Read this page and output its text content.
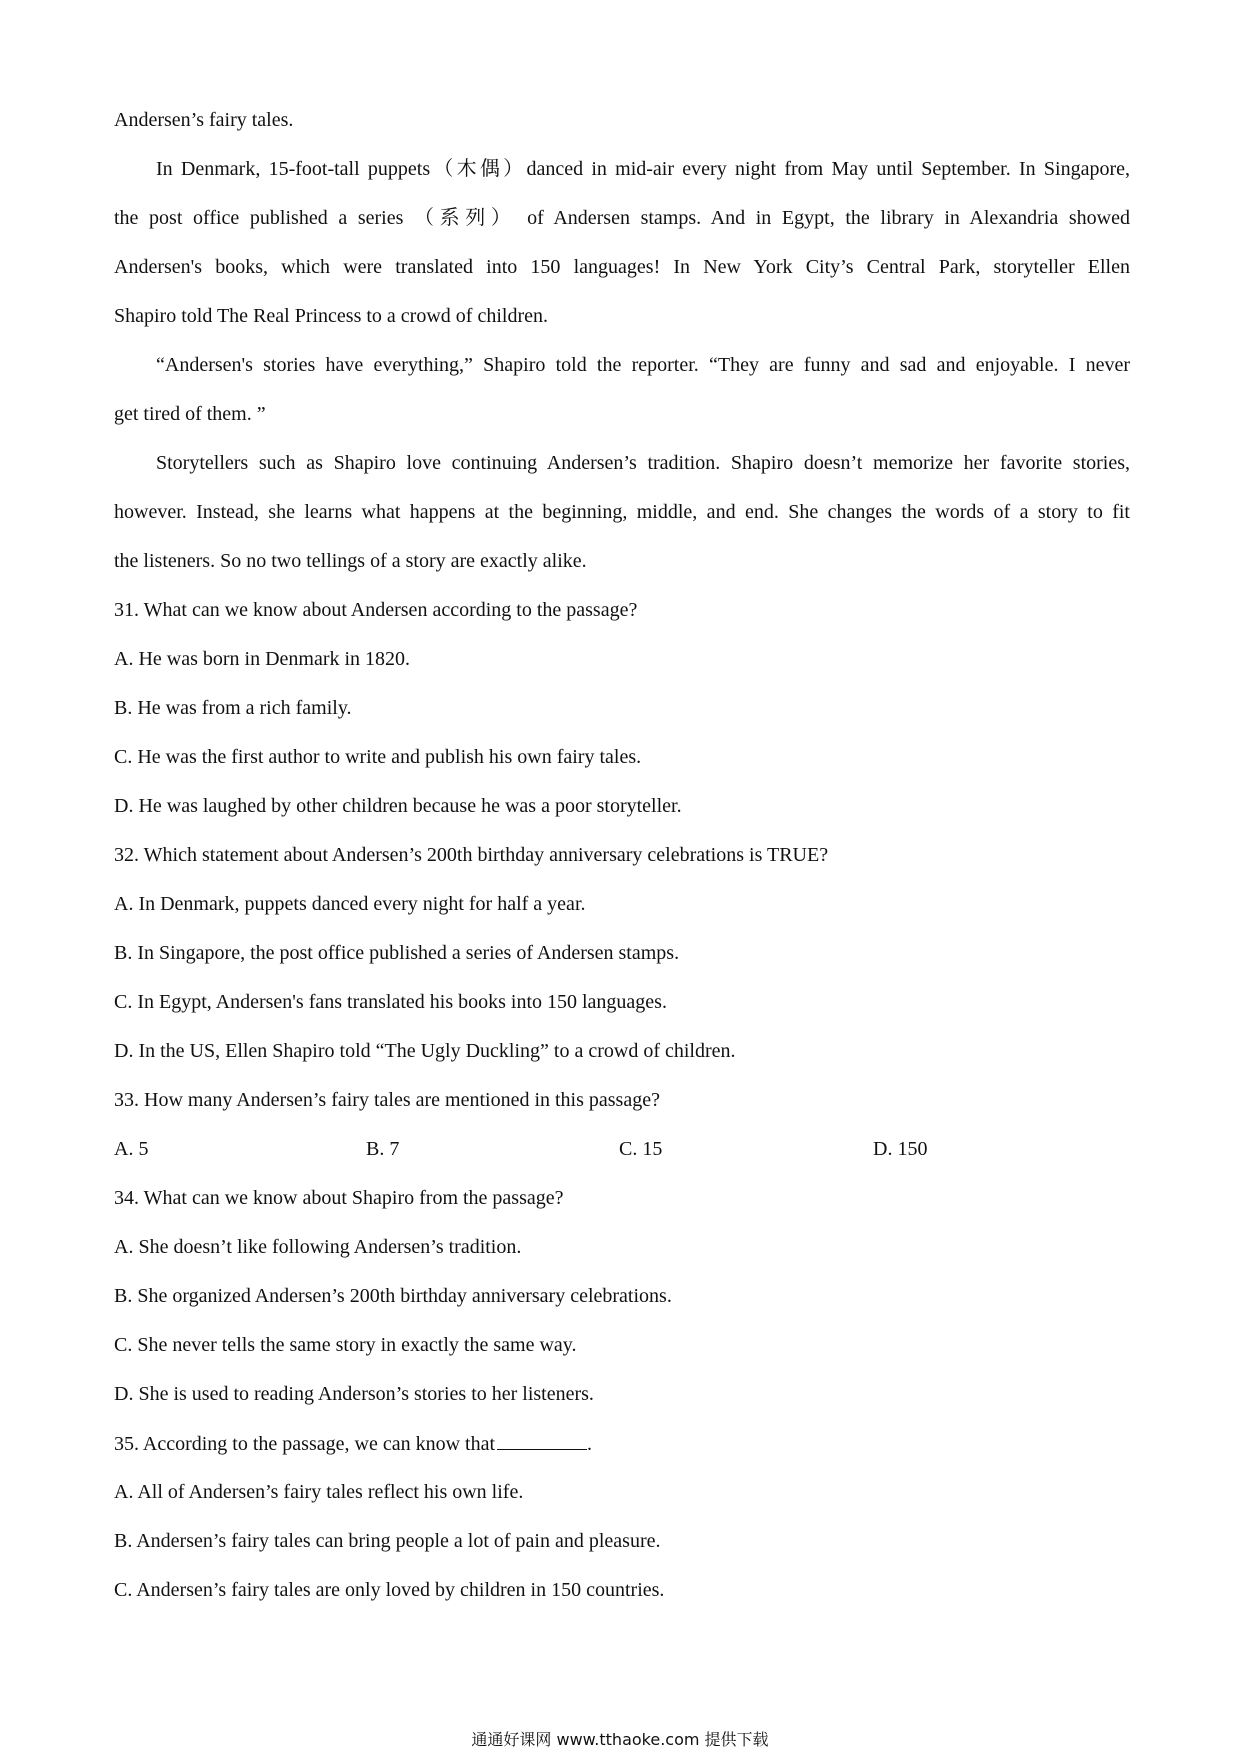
Andersen’s fairy tales.
In Denmark, 15-foot-tall puppets（木偶）danced in mid-air every night from May until September. In Singapore,
the post office published a series （系列） of Andersen stamps. And in Egypt, the library in Alexandria showed
Andersen's books, which were translated into 150 languages! In New York City’s Central Park, storyteller Ellen
Shapiro told The Real Princess to a crowd of children.
“Andersen's stories have everything,” Shapiro told the reporter. “They are funny and sad and enjoyable. I never
get tired of them. ”
Storytellers such as Shapiro love continuing Andersen’s tradition. Shapiro doesn’t memorize her favorite stories,
however. Instead, she learns what happens at the beginning, middle, and end. She changes the words of a story to fit
the listeners. So no two tellings of a story are exactly alike.
31. What can we know about Andersen according to the passage?
A. He was born in Denmark in 1820.
B. He was from a rich family.
C. He was the first author to write and publish his own fairy tales.
D. He was laughed by other children because he was a poor storyteller.
32. Which statement about Andersen’s 200th birthday anniversary celebrations is TRUE?
A. In Denmark, puppets danced every night for half a year.
B. In Singapore, the post office published a series of Andersen stamps.
C. In Egypt, Andersen's fans translated his books into 150 languages.
D. In the US, Ellen Shapiro told “The Ugly Duckling” to a crowd of children.
33. How many Andersen’s fairy tales are mentioned in this passage?
A. 5	B. 7	C. 15	D. 150
34. What can we know about Shapiro from the passage?
A. She doesn’t like following Andersen’s tradition.
B. She organized Andersen’s 200th birthday anniversary celebrations.
C. She never tells the same story in exactly the same way.
D. She is used to reading Anderson’s stories to her listeners.
35. According to the passage, we can know that	.
A. All of Andersen’s fairy tales reflect his own life.
B. Andersen’s fairy tales can bring people a lot of pain and pleasure.
C. Andersen’s fairy tales are only loved by children in 150 countries.
通通好课网 www.tthaoke.com 提供下载
